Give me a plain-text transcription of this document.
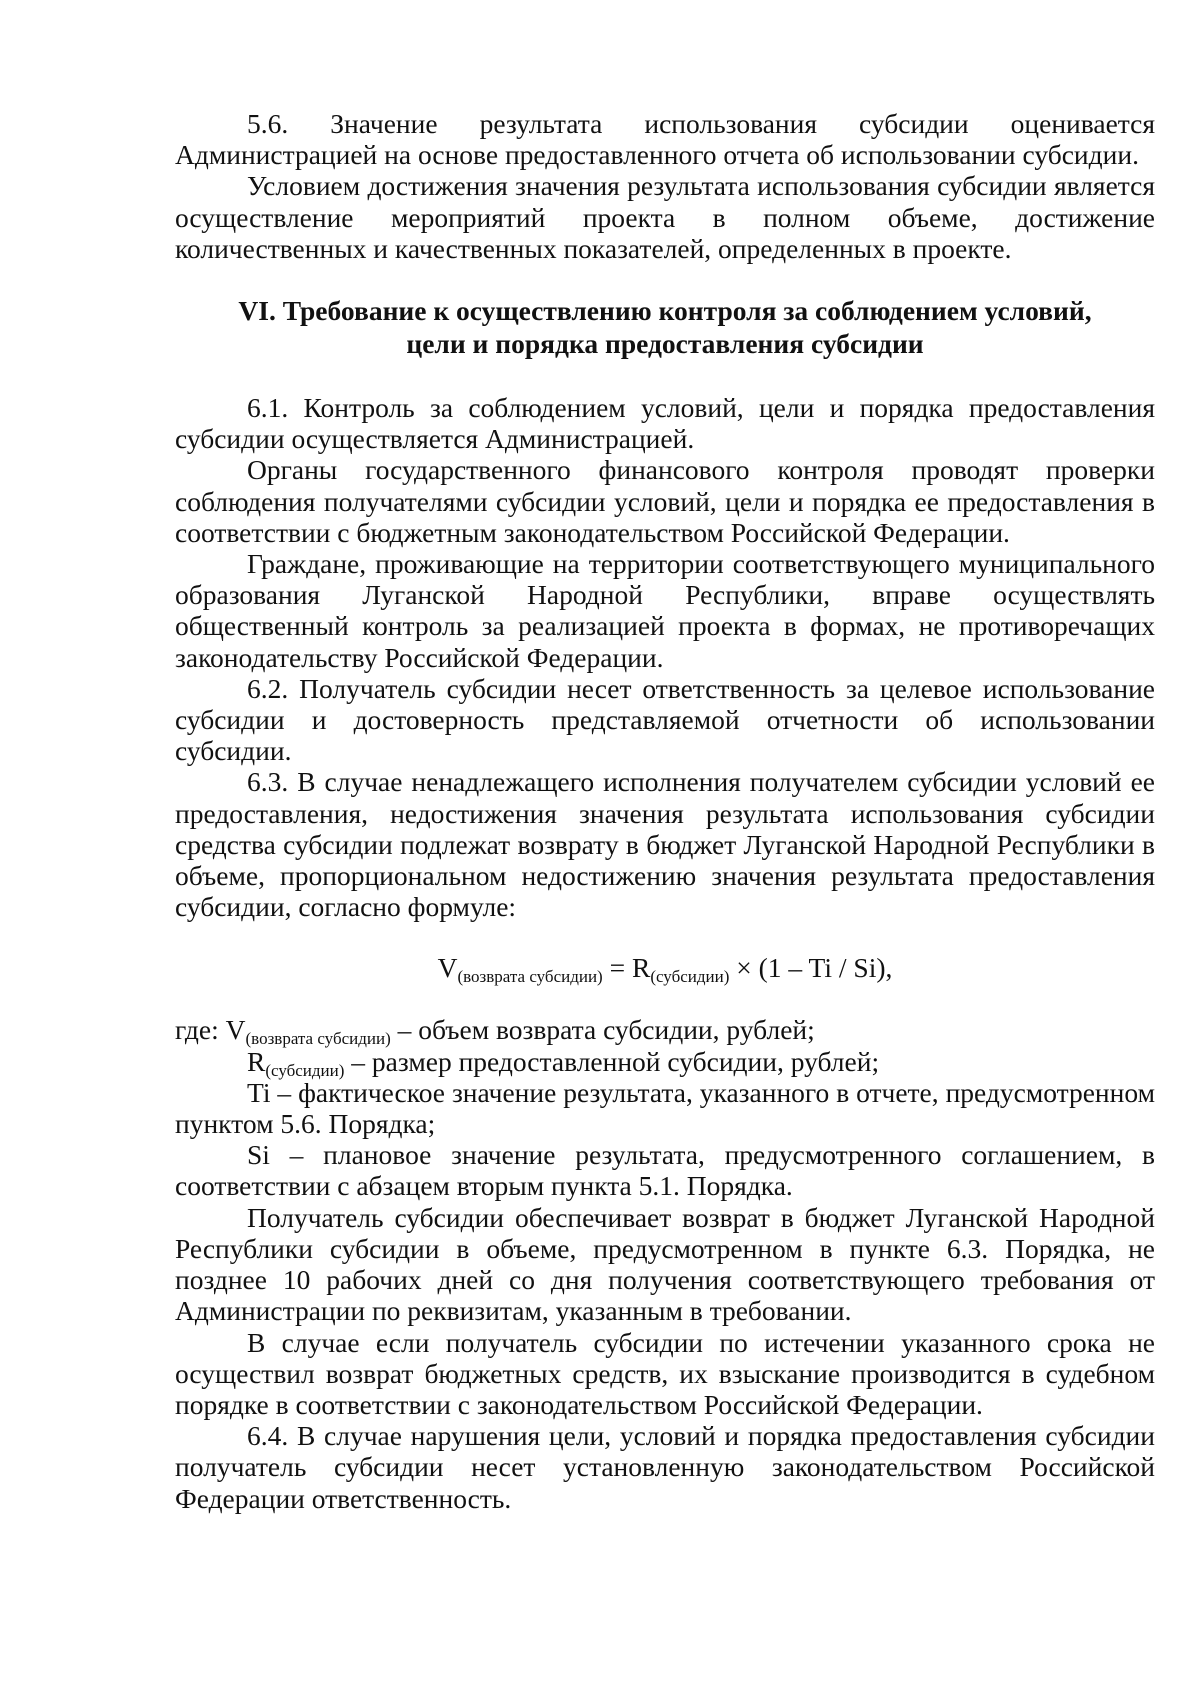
5.6. Значение результата использования субсидии оценивается Администрацией на основе предоставленного отчета об использовании субсидии.

Условием достижения значения результата использования субсидии является осуществление мероприятий проекта в полном объеме, достижение количественных и качественных показателей, определенных в проекте.

VI. Требование к осуществлению контроля за соблюдением условий,
цели и порядка предоставления субсидии

6.1. Контроль за соблюдением условий, цели и порядка предоставления субсидии осуществляется Администрацией.

Органы государственного финансового контроля проводят проверки соблюдения получателями субсидии условий, цели и порядка ее предоставления в соответствии с бюджетным законодательством Российской Федерации.

Граждане, проживающие на территории соответствующего муниципального образования Луганской Народной Республики, вправе осуществлять общественный контроль за реализацией проекта в формах, не противоречащих законодательству Российской Федерации.

6.2. Получатель субсидии несет ответственность за целевое использование субсидии и достоверность представляемой отчетности об использовании субсидии.

6.3. В случае ненадлежащего исполнения получателем субсидии условий ее предоставления, недостижения значения результата использования субсидии средства субсидии подлежат возврату в бюджет Луганской Народной Республики в объеме, пропорциональном недостижению значения результата предоставления субсидии, согласно формуле:

$V_{(возврата субсидии)} = R_{(субсидии)} \times (1 - Ti / Si)$,

где: $V_{(возврата субсидии)}$ – объем возврата субсидии, рублей;

$R_{(субсидии)}$ – размер предоставленной субсидии, рублей;

Ti – фактическое значение результата, указанного в отчете, предусмотренном пунктом 5.6. Порядка;

Si – плановое значение результата, предусмотренного соглашением, в соответствии с абзацем вторым пункта 5.1. Порядка.

Получатель субсидии обеспечивает возврат в бюджет Луганской Народной Республики субсидии в объеме, предусмотренном в пункте 6.3. Порядка, не позднее 10 рабочих дней со дня получения соответствующего требования от Администрации по реквизитам, указанным в требовании.

В случае если получатель субсидии по истечении указанного срока не осуществил возврат бюджетных средств, их взыскание производится в судебном порядке в соответствии с законодательством Российской Федерации.

6.4. В случае нарушения цели, условий и порядка предоставления субсидии получатель субсидии несет установленную законодательством Российской Федерации ответственность.
